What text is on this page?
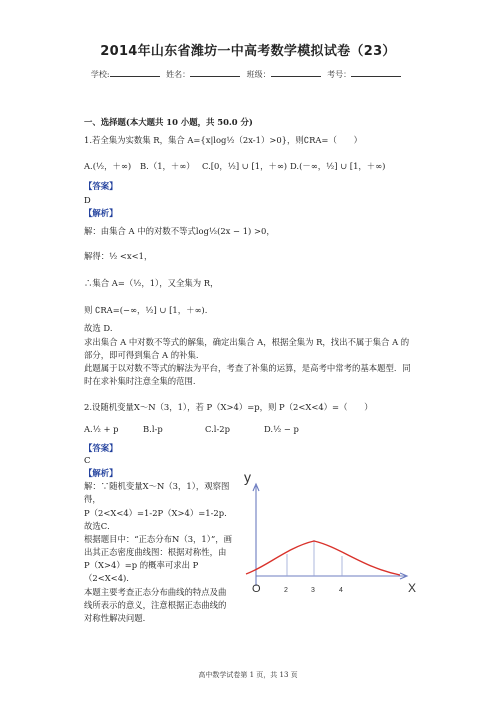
2014年山东省潍坊一中高考数学模拟试卷（23）
学校:	姓名：	班级：	考号：
一、选择题(本大题共 10 小题，共 50.0 分)
1.若全集为实数集 R，集合 A={x|log½（2x-1）>0}，则∁RA=（　　）
A.(½，＋∞) B.（1，＋∞） C.[0，½] ∪ [1，＋∞) D.(－∞，½] ∪ [1，＋∞)
【答案】
D
【解析】
解：由集合 A 中的对数不等式log½(2x − 1) >0，
解得：½ <x<1，
∴集合 A=（½，1），又全集为 R，
则 ∁RA=(−∞，½] ∪ [1，＋∞).
故选 D.
求出集合 A 中对数不等式的解集，确定出集合 A，根据全集为 R，找出不属于集合 A 的部分，即可得到集合 A 的补集.
此题属于以对数不等式的解法为平台，考查了补集的运算，是高考中常考的基本题型．同时在求补集时注意全集的范围.
2.设随机变量X～N（3，1），若 P（X>4）=p，则 P（2<X<4）=（　　）
A.½ + p	B.l-p	C.l-2p	D.½ − p
【答案】
C
【解析】
解：∵随机变量X～N（3，1），观察图得，
P（2<X<4）=1-2P（X>4）=1-2p.
故选C．
根据题目中：“正态分布N（3，1）”，画出其正态密度曲线图：根据对称性，由 P（X>4）=p 的概率可求出 P（2<X<4).
本题主要考查正态分布曲线的特点及曲线所表示的意义，注意根据正态曲线的对称性解决问题.
y
X
O	2	3	4
高中数学试卷第 1 页，共 13 页
